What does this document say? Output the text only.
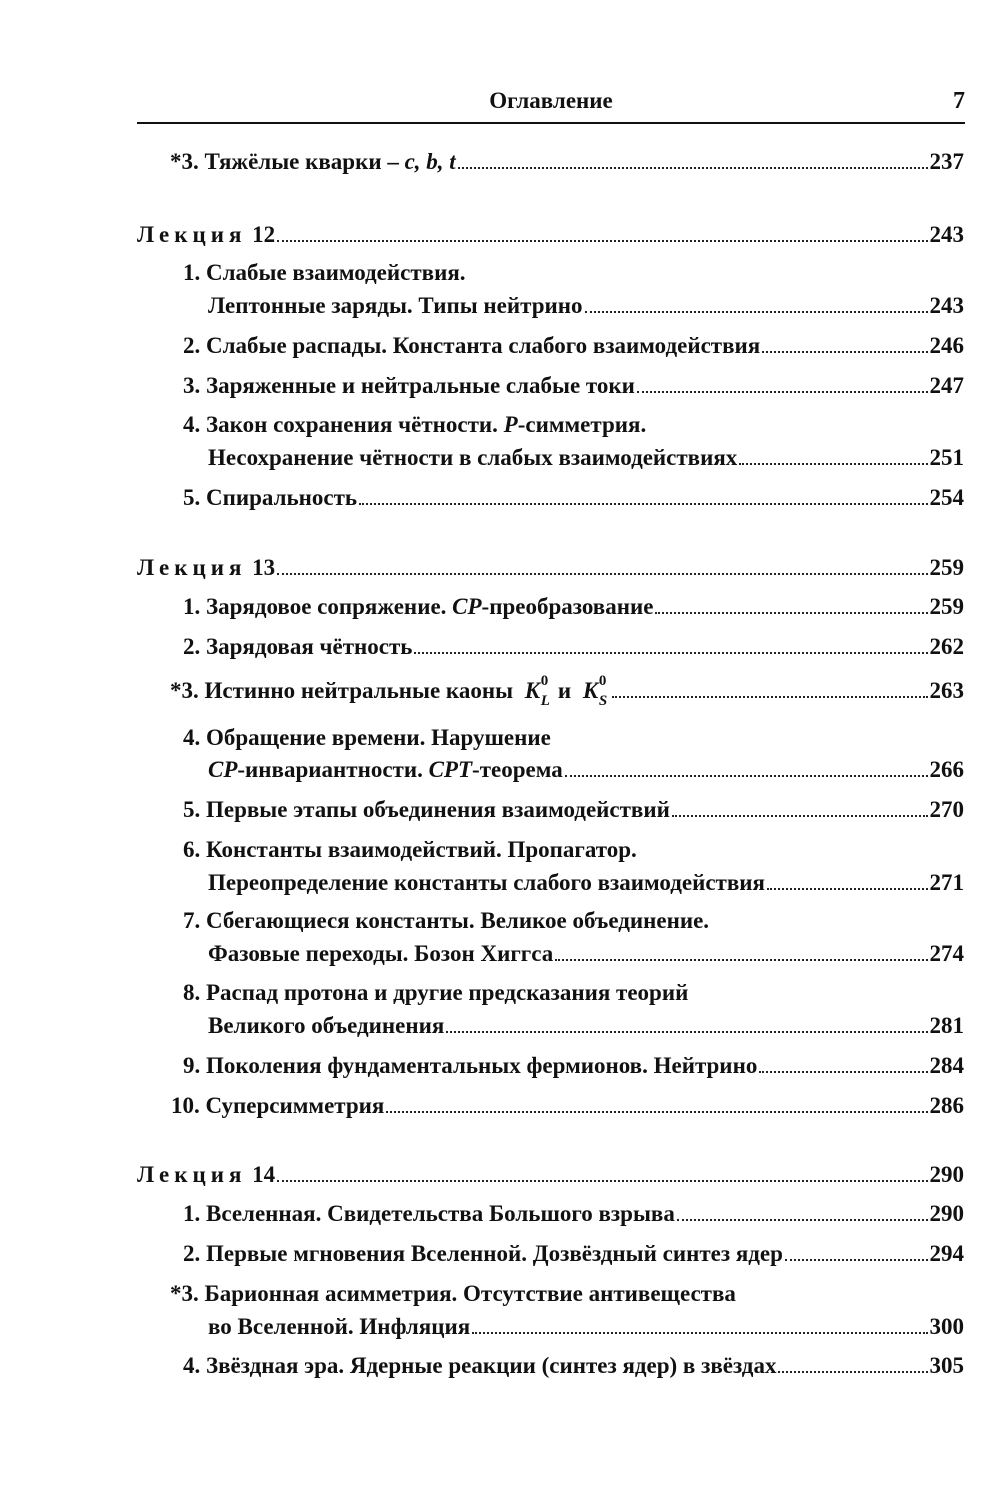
Оглавление	7
*3.
Тяжёлые кварки – c, b, t	237
Лекция 12	243
1.
Слабые взаимодействия.
Лептонные заряды. Типы нейтрино	243
2.
Слабые распады. Константа слабого взаимодействия	246
3.
Заряженные и нейтральные слабые токи	247
4.
Закон сохранения чётности. P-симметрия.
Несохранение чётности в слабых взаимодействиях	251
5.
Спиральность	254
Лекция 13	259
1.
Зарядовое сопряжение. CP-преобразование	259
2.
Зарядовая чётность	262
*3.
Истинно нейтральные каоны K 0
L и K 0
S	263
4.
Обращение времени. Нарушение
CP-инвариантности. CPT-теорема	266
5.
Первые этапы объединения взаимодействий	270
6.
Константы взаимодействий. Пропагатор.
Переопределение константы слабого взаимодействия	271
7.
Сбегающиеся константы. Великое объединение.
Фазовые переходы. Бозон Хиггса	274
8.
Распад протона и другие предсказания теорий
Великого объединения	281
9.
Поколения фундаментальных фермионов. Нейтрино	284
10.
Суперсимметрия	286
Лекция 14	290
1.
Вселенная. Свидетельства Большого взрыва	290
2.
Первые мгновения Вселенной. Дозвёздный синтез ядер	294
*3.
Барионная асимметрия. Отсутствие антивещества
во Вселенной. Инфляция	300
4.
Звёздная эра. Ядерные реакции (синтез ядер) в звёздах	305
